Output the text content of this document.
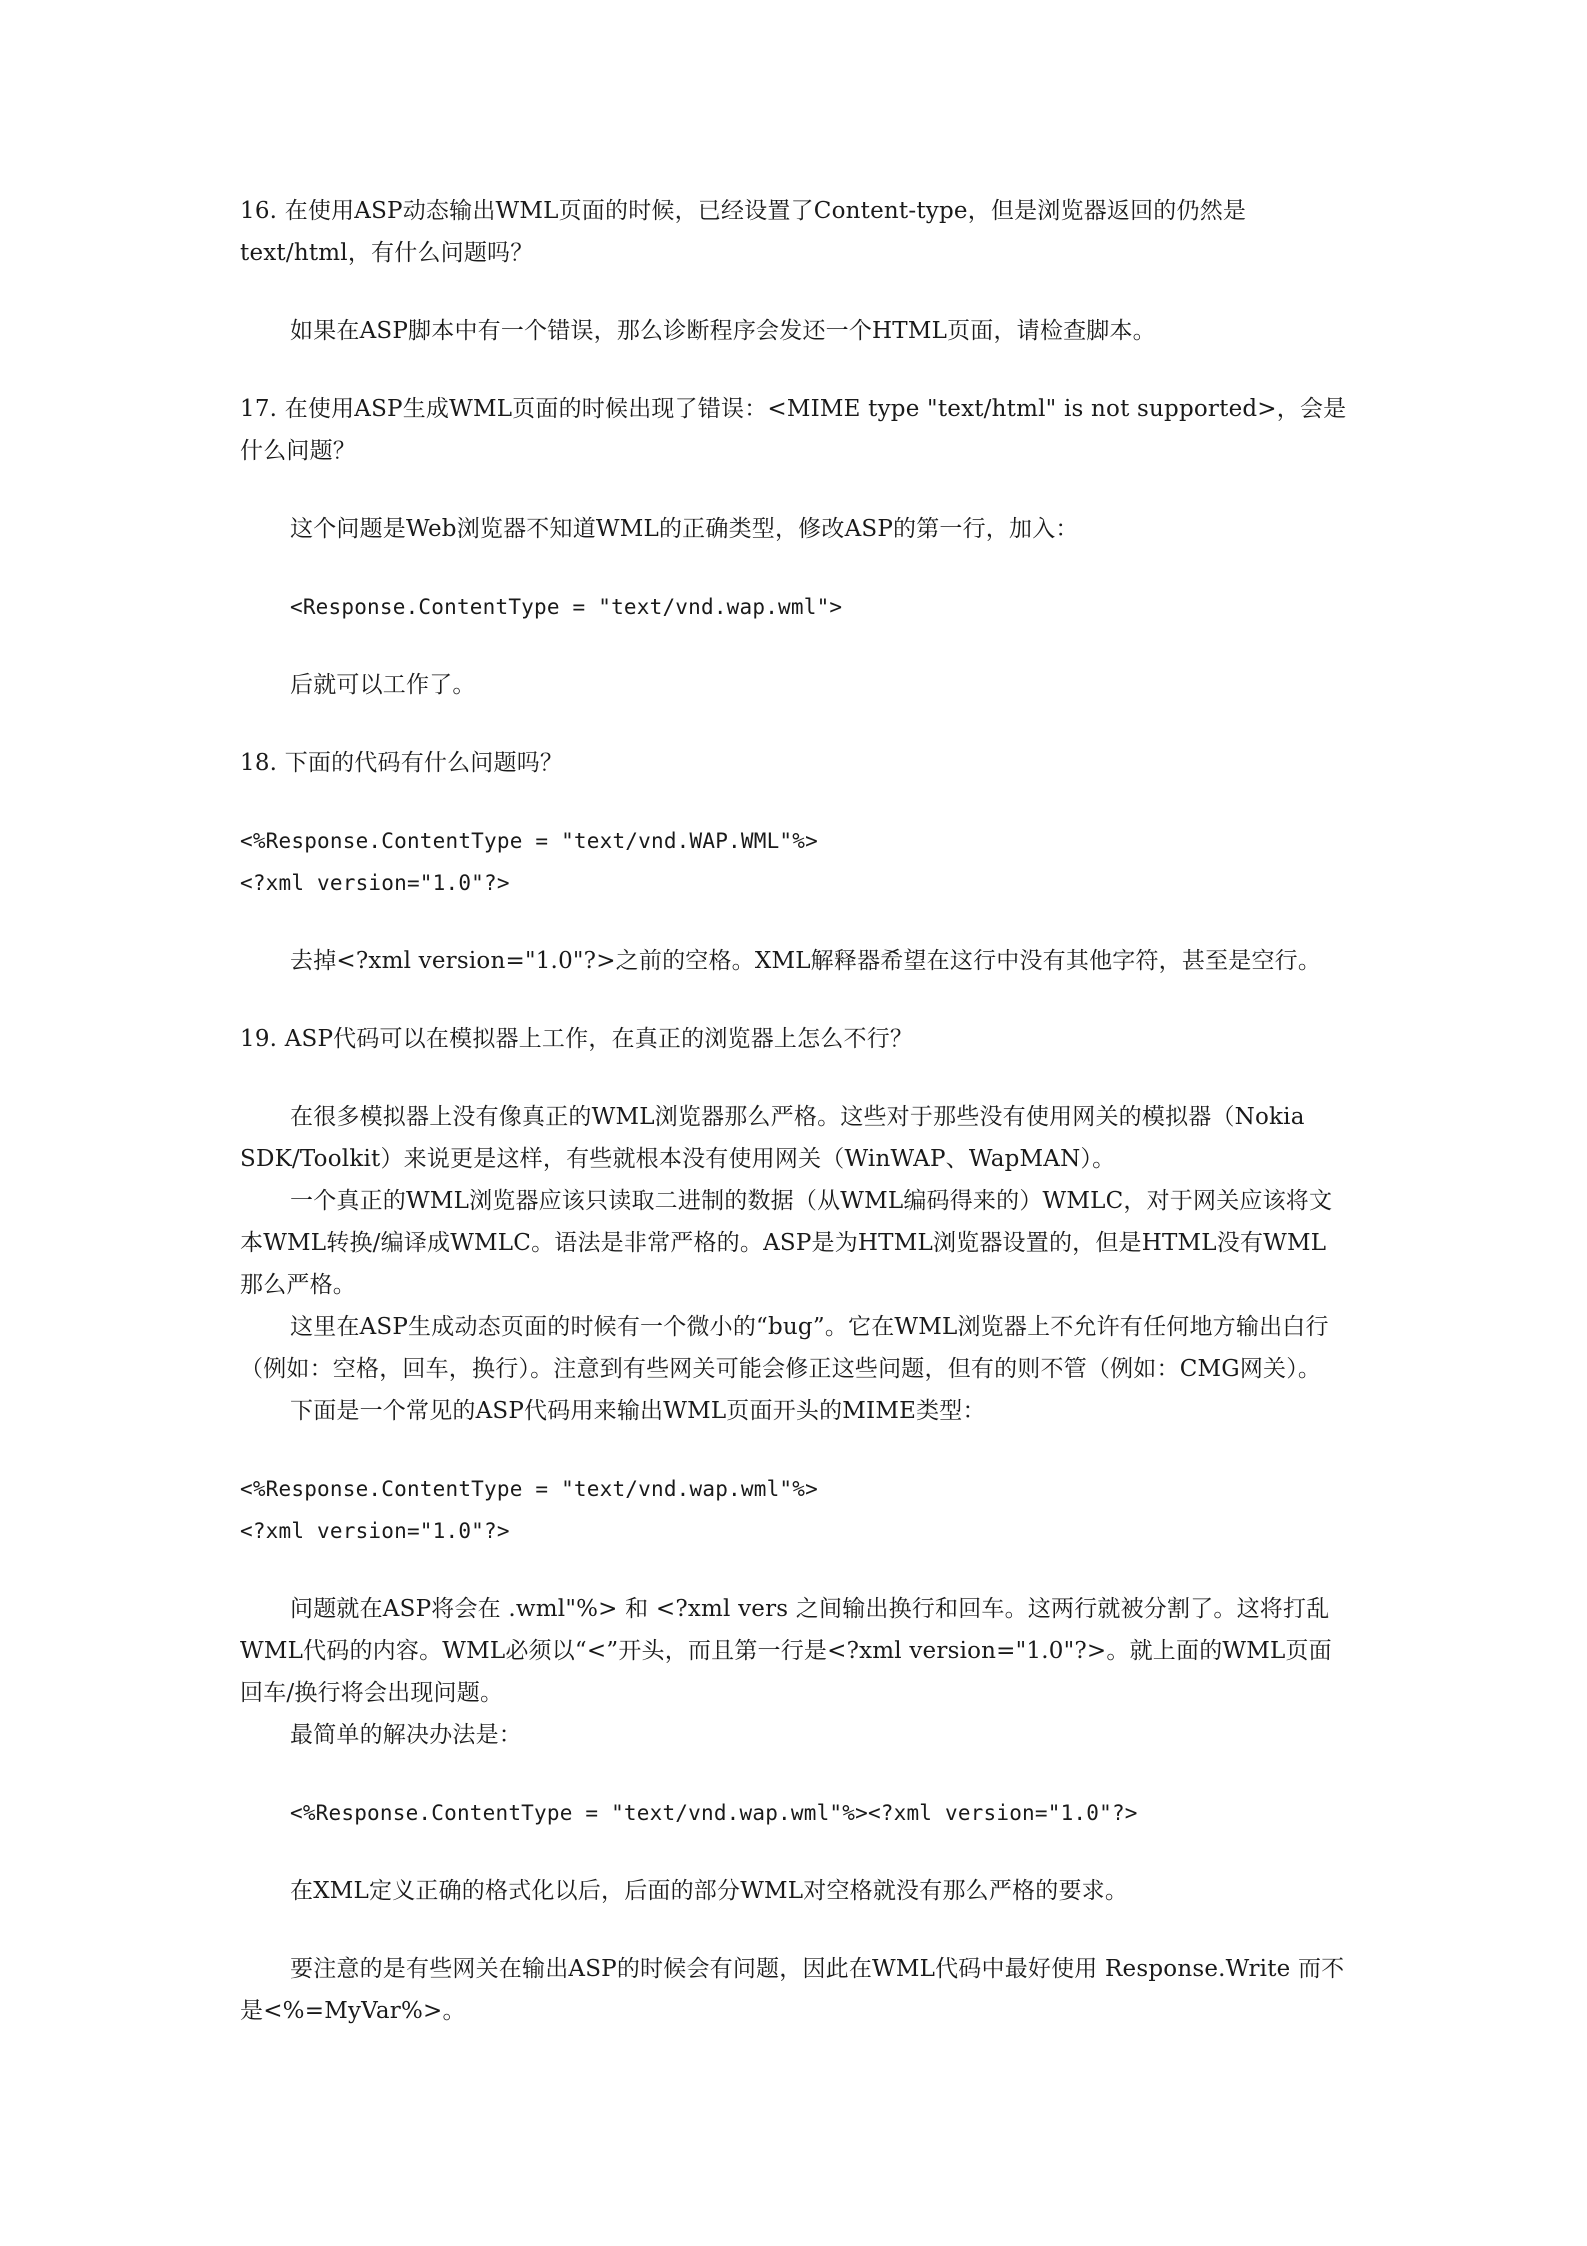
16. 在使用ASP动态输出WML页面的时候，已经设置了Content-type，但是浏览器返回的仍然是text/html，有什么问题吗？
如果在ASP脚本中有一个错误，那么诊断程序会发还一个HTML页面，请检查脚本。
17. 在使用ASP生成WML页面的时候出现了错误：<MIME type "text/html" is not supported>，会是什么问题？
这个问题是Web浏览器不知道WML的正确类型，修改ASP的第一行，加入：
<Response.ContentType = "text/vnd.wap.wml">
后就可以工作了。
18. 下面的代码有什么问题吗？
<%Response.ContentType = "text/vnd.WAP.WML"%>
<?xml version="1.0"?>
去掉<?xml version="1.0"?>之前的空格。XML解释器希望在这行中没有其他字符，甚至是空行。
19. ASP代码可以在模拟器上工作，在真正的浏览器上怎么不行？
在很多模拟器上没有像真正的WML浏览器那么严格。这些对于那些没有使用网关的模拟器（Nokia SDK/Toolkit）来说更是这样，有些就根本没有使用网关（WinWAP、WapMAN）。
一个真正的WML浏览器应该只读取二进制的数据（从WML编码得来的）WMLC，对于网关应该将文本WML转换/编译成WMLC。语法是非常严格的。ASP是为HTML浏览器设置的，但是HTML没有WML那么严格。
这里在ASP生成动态页面的时候有一个微小的“bug”。它在WML浏览器上不允许有任何地方输出白行（例如：空格，回车，换行）。注意到有些网关可能会修正这些问题，但有的则不管（例如：CMG网关）。
下面是一个常见的ASP代码用来输出WML页面开头的MIME类型：
<%Response.ContentType = "text/vnd.wap.wml"%>
<?xml version="1.0"?>
问题就在ASP将会在 .wml"%> 和 <?xml vers 之间输出换行和回车。这两行就被分割了。这将打乱WML代码的内容。WML必须以“<”开头，而且第一行是<?xml version="1.0"?>。就上面的WML页面回车/换行将会出现问题。
最简单的解决办法是：
<%Response.ContentType = "text/vnd.wap.wml"%><?xml version="1.0"?>
在XML定义正确的格式化以后，后面的部分WML对空格就没有那么严格的要求。
要注意的是有些网关在输出ASP的时候会有问题，因此在WML代码中最好使用 Response.Write 而不是<%=MyVar%>。
